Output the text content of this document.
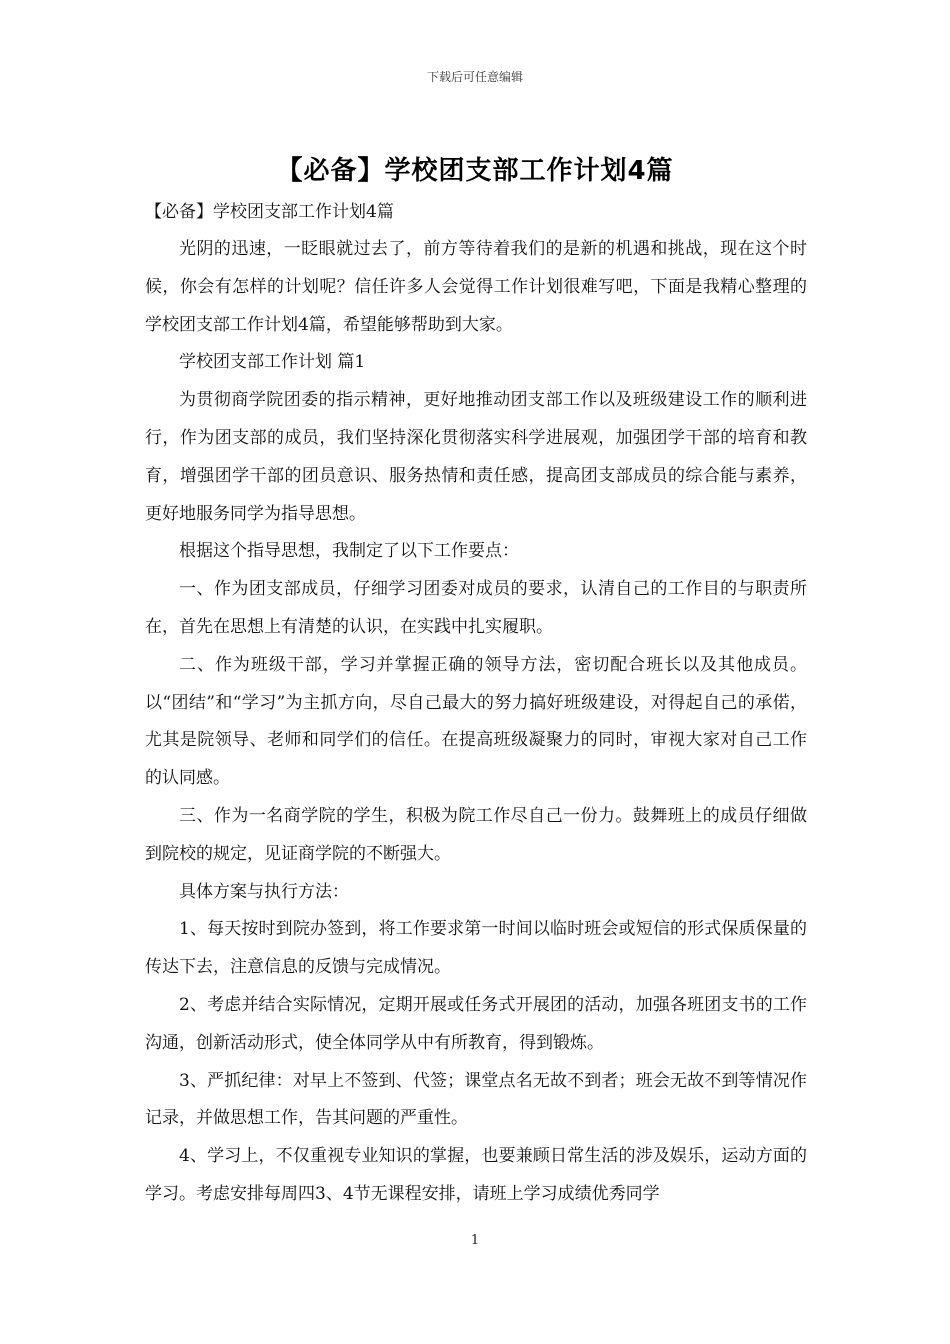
下载后可任意编辑
【必备】学校团支部工作计划4篇

【必备】学校团支部工作计划4篇

光阴的迅速，一眨眼就过去了，前方等待着我们的是新的机遇和挑战，现在这个时候，你会有怎样的计划呢？信任许多人会觉得工作计划很难写吧，下面是我精心整理的学校团支部工作计划4篇，希望能够帮助到大家。

学校团支部工作计划 篇1

为贯彻商学院团委的指示精神，更好地推动团支部工作以及班级建设工作的顺利进行，作为团支部的成员，我们坚持深化贯彻落实科学进展观，加强团学干部的培育和教育，增强团学干部的团员意识、服务热情和责任感，提高团支部成员的综合能与素养，更好地服务同学为指导思想。

根据这个指导思想，我制定了以下工作要点：

一、作为团支部成员，仔细学习团委对成员的要求，认清自己的工作目的与职责所在，首先在思想上有清楚的认识，在实践中扎实履职。

二、作为班级干部，学习并掌握正确的领导方法，密切配合班长以及其他成员。以“团结”和“学习”为主抓方向，尽自己最大的努力搞好班级建设，对得起自己的承偌，尤其是院领导、老师和同学们的信任。在提高班级凝聚力的同时，审视大家对自己工作的认同感。

三、作为一名商学院的学生，积极为院工作尽自己一份力。鼓舞班上的成员仔细做到院校的规定，见证商学院的不断强大。

具体方案与执行方法：

1、每天按时到院办签到，将工作要求第一时间以临时班会或短信的形式保质保量的传达下去，注意信息的反馈与完成情况。

2、考虑并结合实际情况，定期开展或任务式开展团的活动，加强各班团支书的工作沟通，创新活动形式，使全体同学从中有所教育，得到锻炼。

3、严抓纪律：对早上不签到、代签；课堂点名无故不到者；班会无故不到等情况作记录，并做思想工作，告其问题的严重性。

4、学习上，不仅重视专业知识的掌握，也要兼顾日常生活的涉及娱乐，运动方面的学习。考虑安排每周四3、4节无课程安排，请班上学习成绩优秀同学

1
